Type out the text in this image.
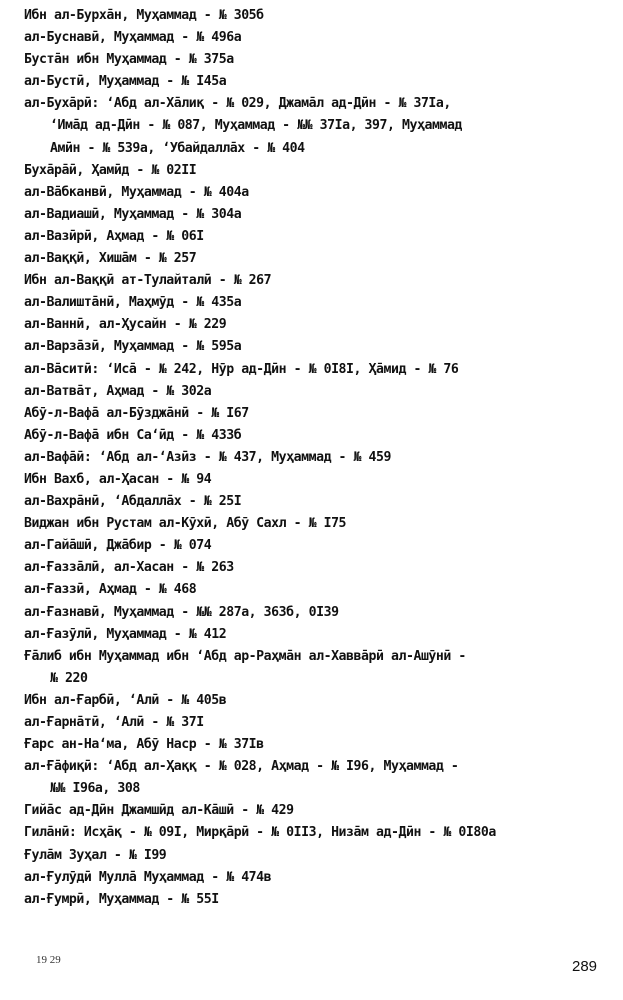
Ибн ал-Бурха̄н, Муҳаммад - № 305б
ал-Буснавӣ, Муҳаммад - № 496а
Буста̄н ибн Муҳаммад - № 375а
ал-Бустӣ, Муҳаммад - № I45а
ал-Буха̄рӣ: ʻАбд ал-Ха̄лиқ - № 029, Джама̄л ад-Дӣн - № 37Iа,
ʻИма̄д ад-Дӣн - № 087, Муҳаммад - №№ 37Iа, 397, Муҳаммад
Амӣн - № 539а, ʻУбайдалла̄х - № 404
Буха̄ра̄ӣ, Ҳамӣд - № 02II
ал-Ва̄бканвӣ, Муҳаммад - № 404а
ал-Вадиашӣ, Муҳаммад - № 304а
ал-Вазӣрӣ, Аҳмад - № 06I
ал-Ваққӣ, Хиша̄м - № 257
Ибн ал-Ваққӣ ат-Тулайталӣ - № 267
ал-Валишта̄нӣ, Маҳмӯд - № 435а
ал-Ваннӣ, ал-Ҳусайн - № 229
ал-Варза̄зӣ, Муҳаммад - № 595а
ал-Ва̄ситӣ: ʻИса̄ - № 242, Нӯр ад-Дӣн - № 0I8I, Ҳа̄мид - № 76
ал-Ватва̄т, Аҳмад - № 302а
Абӯ-л-Вафа̄ ал-Бӯзджа̄нӣ - № I67
Абӯ-л-Вафа̄ ибн Саʻӣд - № 433б
ал-Вафа̄ӣ: ʻАбд ал-ʻАзӣз - № 437, Муҳаммад - № 459
Ибн Вахб, ал-Ҳасан - № 94
ал-Вахра̄нӣ, ʻАбдалла̄х - № 25I
Виджан ибн Рустам ал-Кӯхӣ, Абӯ Сахл - № I75
ал-Гайа̄шӣ, Джа̄бир - № 074
ал-Ғазза̄лӣ, ал-Хасан - № 263
ал-Ғаззӣ, Аҳмад - № 468
ал-Ғазнавӣ, Муҳаммад - №№ 287а, 363б, 0I39
ал-Ғазӯлӣ, Муҳаммад - № 412
Ға̄либ ибн Муҳаммад ибн ʻАбд ар-Раҳма̄н ал-Хавва̄рӣ ал-Ашӯнӣ -
№ 220
Ибн ал-Ғарбӣ, ʻАлӣ - № 405в
ал-Ғарна̄тӣ, ʻАлӣ - № 37I
Ғарс ан-Наʻма, Абӯ Наср - № 37Iв
ал-Ға̄фиқӣ: ʻАбд ал-Ҳаққ - № 028, Аҳмад - № I96, Муҳаммад -
№№ I96а, 308
Гийа̄с ад-Дӣн Джамшӣд ал-Ка̄шӣ - № 429
Гила̄нӣ: Исҳа̄қ - № 09I, Мирқа̄рӣ - № 0II3, Низа̄м ад-Дӣн - № 0I80а
Ғула̄м Зуҳал - № I99
ал-Ғулӯдӣ Мулла̄ Муҳаммад - № 474в
ал-Ғумрӣ, Муҳаммад - № 55I
19 29	289
